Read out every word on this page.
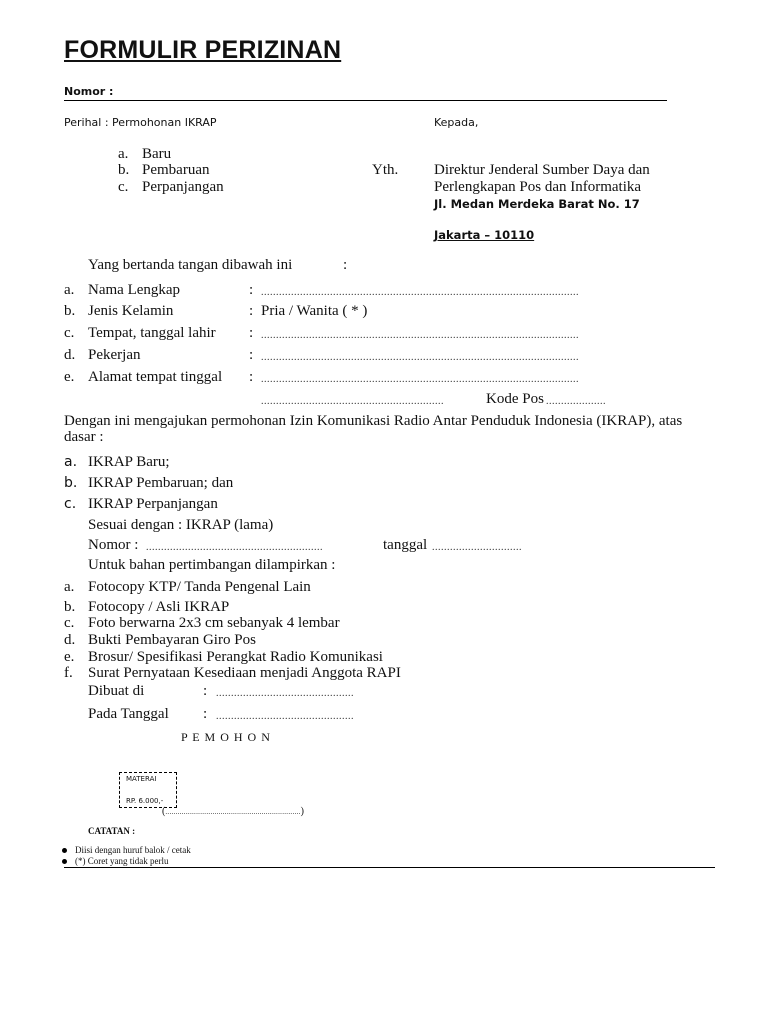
FORMULIR PERIZINAN
Nomor :
Perihal : Permohonan IKRAP	Kepada,
a. Baru
b. Pembaruan
c. Perpanjangan
Yth. Direktur Jenderal Sumber Daya dan
Perlengkapan Pos dan Informatika
Jl. Medan Merdeka Barat No. 17
Jakarta – 10110
Yang bertanda tangan dibawah ini	:
a. Nama Lengkap	: ..........................................................................................................
b. Jenis Kelamin	: Pria / Wanita ( * )
c. Tempat, tanggal lahir : ..........................................................................................................
d. Pekerjan	: ..........................................................................................................
e. Alamat tempat tinggal : ..........................................................................................................
.............................................................	Kode Pos ....................
Dengan ini mengajukan permohonan Izin Komunikasi Radio Antar Penduduk Indonesia (IKRAP), atas
dasar :
a. IKRAP Baru;
b. IKRAP Pembaruan; dan
c. IKRAP Perpanjangan
Sesuai dengan : IKRAP (lama)
Nomor : ...........................................................	tanggal ..............................
Untuk bahan pertimbangan dilampirkan :
a. Fotocopy KTP/ Tanda Pengenal Lain
b. Fotocopy / Asli IKRAP
c. Foto berwarna 2x3 cm sebanyak 4 lembar
d. Bukti Pembayaran Giro Pos
e. Brosur/ Spesifikasi Perangkat Radio Komunikasi
f. Surat Pernyataan Kesediaan menjadi Anggota RAPI
Dibuat di	: ..............................................
Pada Tanggal : ..............................................
P E M O H O N
MATERAI
RP. 6.000,-
(..................................................................)
CATATAN :
Diisi dengan huruf balok / cetak
(*) Coret yang tidak perlu
